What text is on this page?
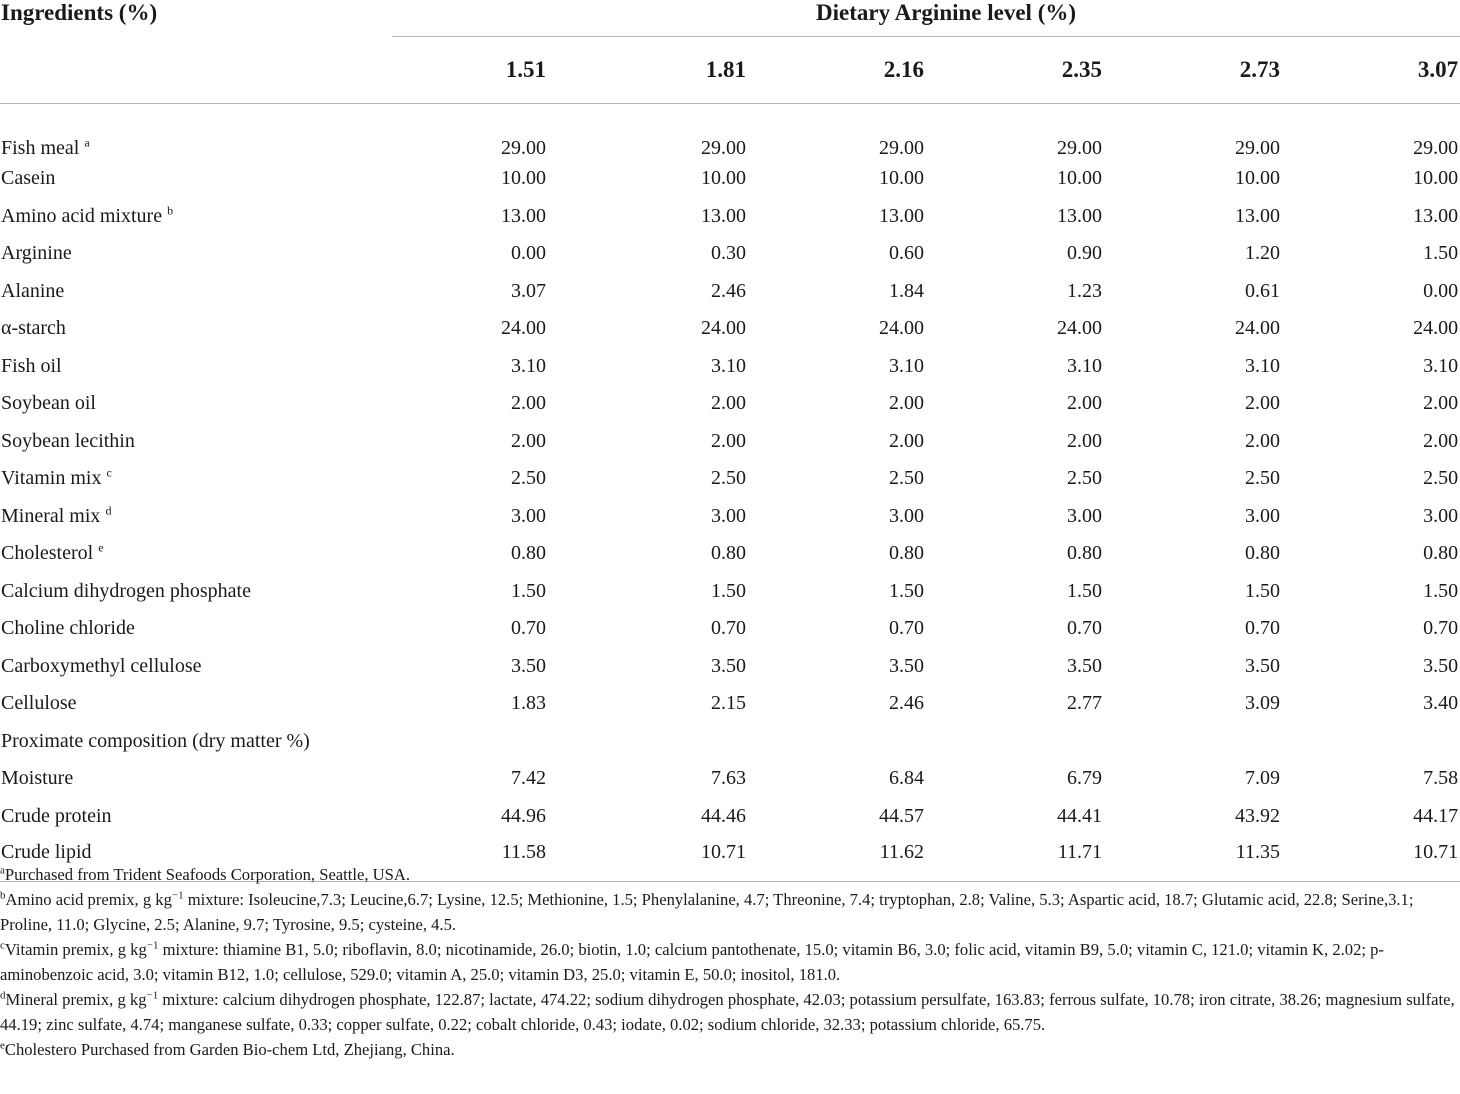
Ingredients (%)	Dietary Arginine level (%)					
	1.51	1.81	2.16	2.35	2.73	3.07
Fish meal $^a$	29.00	29.00	29.00	29.00	29.00	29.00
Casein	10.00	10.00	10.00	10.00	10.00	10.00
Amino acid mixture $^b$	13.00	13.00	13.00	13.00	13.00	13.00
Arginine	0.00	0.30	0.60	0.90	1.20	1.50
Alanine	3.07	2.46	1.84	1.23	0.61	0.00
α-starch	24.00	24.00	24.00	24.00	24.00	24.00
Fish oil	3.10	3.10	3.10	3.10	3.10	3.10
Soybean oil	2.00	2.00	2.00	2.00	2.00	2.00
Soybean lecithin	2.00	2.00	2.00	2.00	2.00	2.00
Vitamin mix $^c$	2.50	2.50	2.50	2.50	2.50	2.50
Mineral mix $^d$	3.00	3.00	3.00	3.00	3.00	3.00
Cholesterol $^e$	0.80	0.80	0.80	0.80	0.80	0.80
Calcium dihydrogen phosphate	1.50	1.50	1.50	1.50	1.50	1.50
Choline chloride	0.70	0.70	0.70	0.70	0.70	0.70
Carboxymethyl cellulose	3.50	3.50	3.50	3.50	3.50	3.50
Cellulose	1.83	2.15	2.46	2.77	3.09	3.40
Proximate composition (dry matter %)						
Moisture	7.42	7.63	6.84	6.79	7.09	7.58
Crude protein	44.96	44.46	44.57	44.41	43.92	44.17
Crude lipid	11.58	10.71	11.62	11.71	11.35	10.71

$^a$Purchased from Trident Seafoods Corporation, Seattle, USA.

$^b$Amino acid premix, g $kg^{-1}$ mixture: Isoleucine,7.3; Leucine,6.7; Lysine, 12.5; Methionine, 1.5; Phenylalanine, 4.7; Threonine, 7.4; tryptophan, 2.8; Valine, 5.3; Aspartic acid, 18.7; Glutamic acid, 22.8; Serine,3.1; Proline, 11.0; Glycine, 2.5; Alanine, 9.7; Tyrosine, 9.5; cysteine, 4.5.

$^c$Vitamin premix, g $kg^{-1}$ mixture: thiamine B1, 5.0; riboflavin, 8.0; nicotinamide, 26.0; biotin, 1.0; calcium pantothenate, 15.0; vitamin B6, 3.0; folic acid, vitamin B9, 5.0; vitamin C, 121.0; vitamin K, 2.02; p-aminobenzoic acid, 3.0; vitamin B12, 1.0; cellulose, 529.0; vitamin A, 25.0; vitamin D3, 25.0; vitamin E, 50.0; inositol, 181.0.

$^d$Mineral premix, g $kg^{-1}$ mixture: calcium dihydrogen phosphate, 122.87; lactate, 474.22; sodium dihydrogen phosphate, 42.03; potassium persulfate, 163.83; ferrous sulfate, 10.78; iron citrate, 38.26; magnesium sulfate, 44.19; zinc sulfate, 4.74; manganese sulfate, 0.33; copper sulfate, 0.22; cobalt chloride, 0.43; iodate, 0.02; sodium chloride, 32.33; potassium chloride, 65.75.

$^e$Cholestero Purchased from Garden Bio-chem Ltd, Zhejiang, China.
